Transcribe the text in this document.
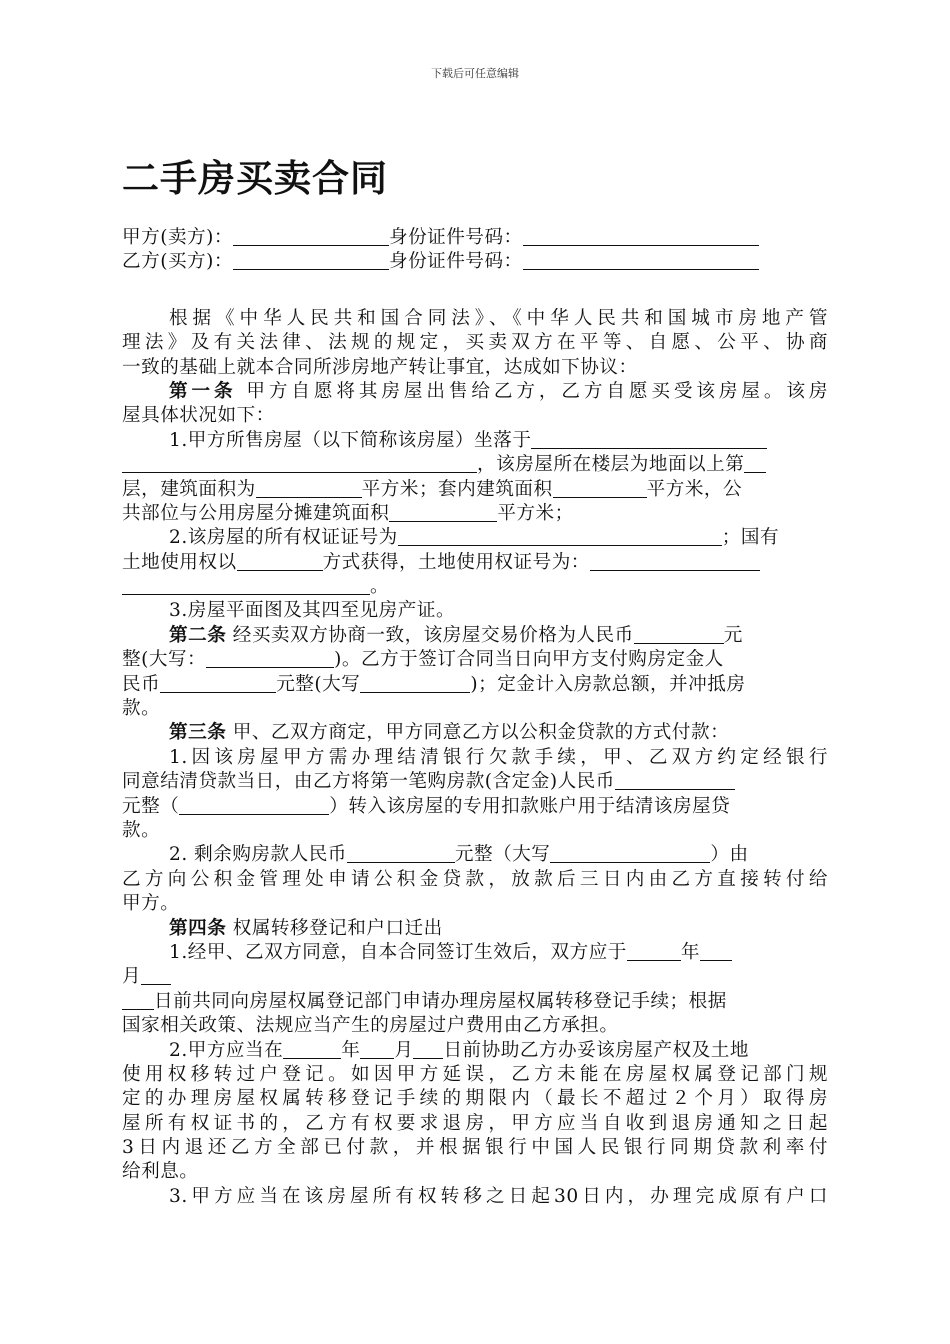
下载后可任意编辑
二手房买卖合同
甲方(卖方)：	身份证件号码：
乙方(买方)：	身份证件号码：
根据《中华人民共和国合同法》、《中华人民共和国城市房地产管
理法》及有关法律、法规的规定，买卖双方在平等、自愿、公平、协商
一致的基础上就本合同所涉房地产转让事宜，达成如下协议：
第一条 甲方自愿将其房屋出售给乙方，乙方自愿买受该房屋。该房
屋具体状况如下：
1.甲方所售房屋（以下简称该房屋）坐落于
，该房屋所在楼层为地面以上第
层，建筑面积为	平方米；套内建筑面积	平方米，公
共部位与公用房屋分摊建筑面积	平方米；
2.该房屋的所有权证证号为	；国有
土地使用权以	方式获得，土地使用权证号为：
。
3.房屋平面图及其四至见房产证。
第二条 经买卖双方协商一致，该房屋交易价格为人民币	元
整(大写：	)。乙方于签订合同当日向甲方支付购房定金人
民币	元整(大写	)；定金计入房款总额，并冲抵房
款。
第三条 甲、乙双方商定，甲方同意乙方以公积金贷款的方式付款：
1.因该房屋甲方需办理结清银行欠款手续，甲、乙双方约定经银行
同意结清贷款当日，由乙方将第一笔购房款(含定金)人民币
元整（	）转入该房屋的专用扣款账户用于结清该房屋贷
款。
2. 剩余购房款人民币	元整（大写	）由
乙方向公积金管理处申请公积金贷款，放款后三日内由乙方直接转付给
甲方。
第四条 权属转移登记和户口迁出
1.经甲、乙双方同意，自本合同签订生效后，双方应于	年
月
日前共同向房屋权属登记部门申请办理房屋权属转移登记手续；根据
国家相关政策、法规应当产生的房屋过户费用由乙方承担。
2.甲方应当在	年 月 日前协助乙方办妥该房屋产权及土地
使用权移转过户登记。如因甲方延误，乙方未能在房屋权属登记部门规
定的办理房屋权属转移登记手续的期限内（最长不超过２个月）取得房
屋所有权证书的，乙方有权要求退房，甲方应当自收到退房通知之日起
3日内退还乙方全部已付款，并根据银行中国人民银行同期贷款利率付
给利息。
3.甲方应当在该房屋所有权转移之日起30日内，办理完成原有户口
